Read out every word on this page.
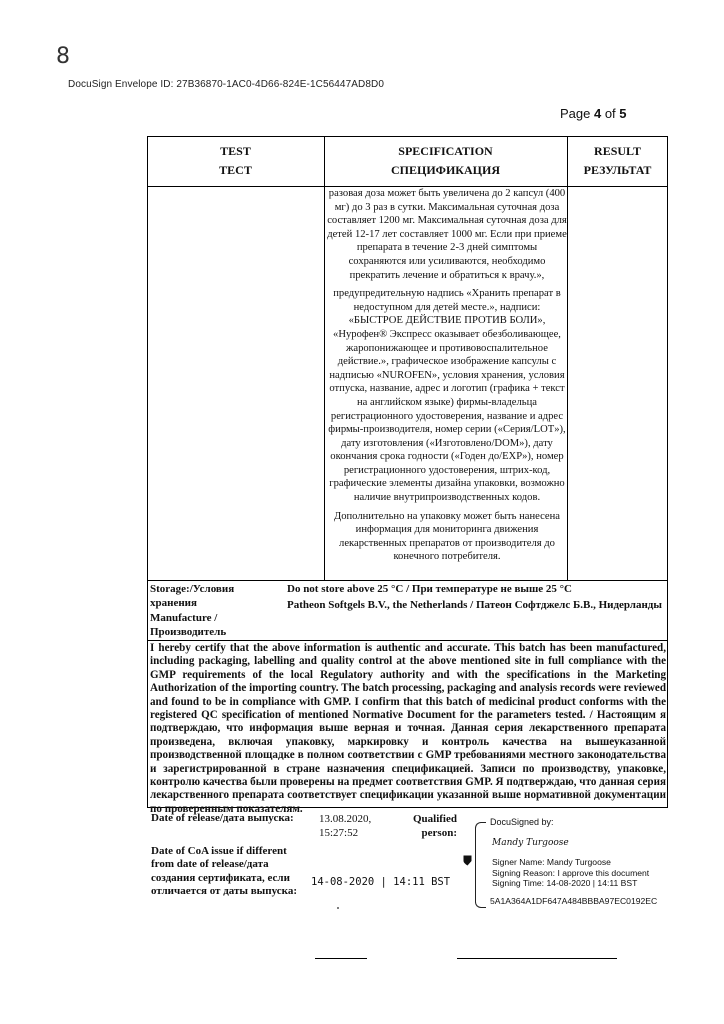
8
DocuSign Envelope ID: 27B36870-1AC0-4D66-824E-1C56447AD8D0
Page 4 of 5
TEST
ТЕСТ
SPECIFICATION
СПЕЦИФИКАЦИЯ
RESULT
РЕЗУЛЬТАТ

разовая доза может быть увеличена до 2 капсул (400 мг) до 3 раз в сутки. Максимальная суточная доза составляет 1200 мг. Максимальная суточная доза для детей 12-17 лет составляет 1000 мг. Если при приеме препарата в течение 2-3 дней симптомы сохраняются или усиливаются, необходимо прекратить лечение и обратиться к врачу.»,

предупредительную надпись «Хранить препарат в недоступном для детей месте.», надписи: «БЫСТРОЕ ДЕЙСТВИЕ ПРОТИВ БОЛИ», «Нурофен® Экспресс оказывает обезболивающее, жаропонижающее и противовоспалительное действие.», графическое изображение капсулы с надписью «NUROFEN», условия хранения, условия отпуска, название, адрес и логотип (графика + текст на английском языке) фирмы-владельца регистрационного удостоверения, название и адрес фирмы-производителя, номер серии («Серия/LOT»), дату изготовления («Изготовлено/DOM»), дату окончания срока годности («Годен до/EXP»), номер регистрационного удостоверения, штрих-код, графические элементы дизайна упаковки, возможно наличие внутрипроизводственных кодов.

Дополнительно на упаковку может быть нанесена информация для мониторинга движения лекарственных препаратов от производителя до конечного потребителя.

Storage:/Условия хранения
Manufacture / Производитель
Do not store above 25 °C / При температуре не выше 25 °C
Patheon Softgels B.V., the Netherlands / Патеон Софтджелс Б.В., Нидерланды
I hereby certify that the above information is authentic and accurate. This batch has been manufactured, including packaging, labelling and quality control at the above mentioned site in full compliance with the GMP requirements of the local Regulatory authority and with the specifications in the Marketing Authorization of the importing country. The batch processing, packaging and analysis records were reviewed and found to be in compliance with GMP. I confirm that this batch of medicinal product conforms with the registered QC specification of mentioned Normative Document for the parameters tested. / Настоящим я подтверждаю, что информация выше верная и точная. Данная серия лекарственного препарата произведена, включая упаковку, маркировку и контроль качества на вышеуказанной производственной площадке в полном соответствии с GMP требованиями местного законодательства и зарегистрированной в стране назначения спецификацией. Записи по производству, упаковке, контролю качества были проверены на предмет соответствия GMP. Я подтверждаю, что данная серия лекарственного препарата соответствует спецификации указанной выше нормативной документации по проверенным показателям.
Date of release/дата выпуска: 13.08.2020, 15:27:52
Qualified person:
Date of CoA issue if different from date of release/дата создания сертификата, если отличается от даты выпуска:
14-08-2020 | 14:11 BST
DocuSigned by:
Mandy Turgoose
Signer Name: Mandy Turgoose
Signing Reason: I approve this document
Signing Time: 14-08-2020 | 14:11 BST
5A1A364A1DF647A484BBBA97EC0192EC
